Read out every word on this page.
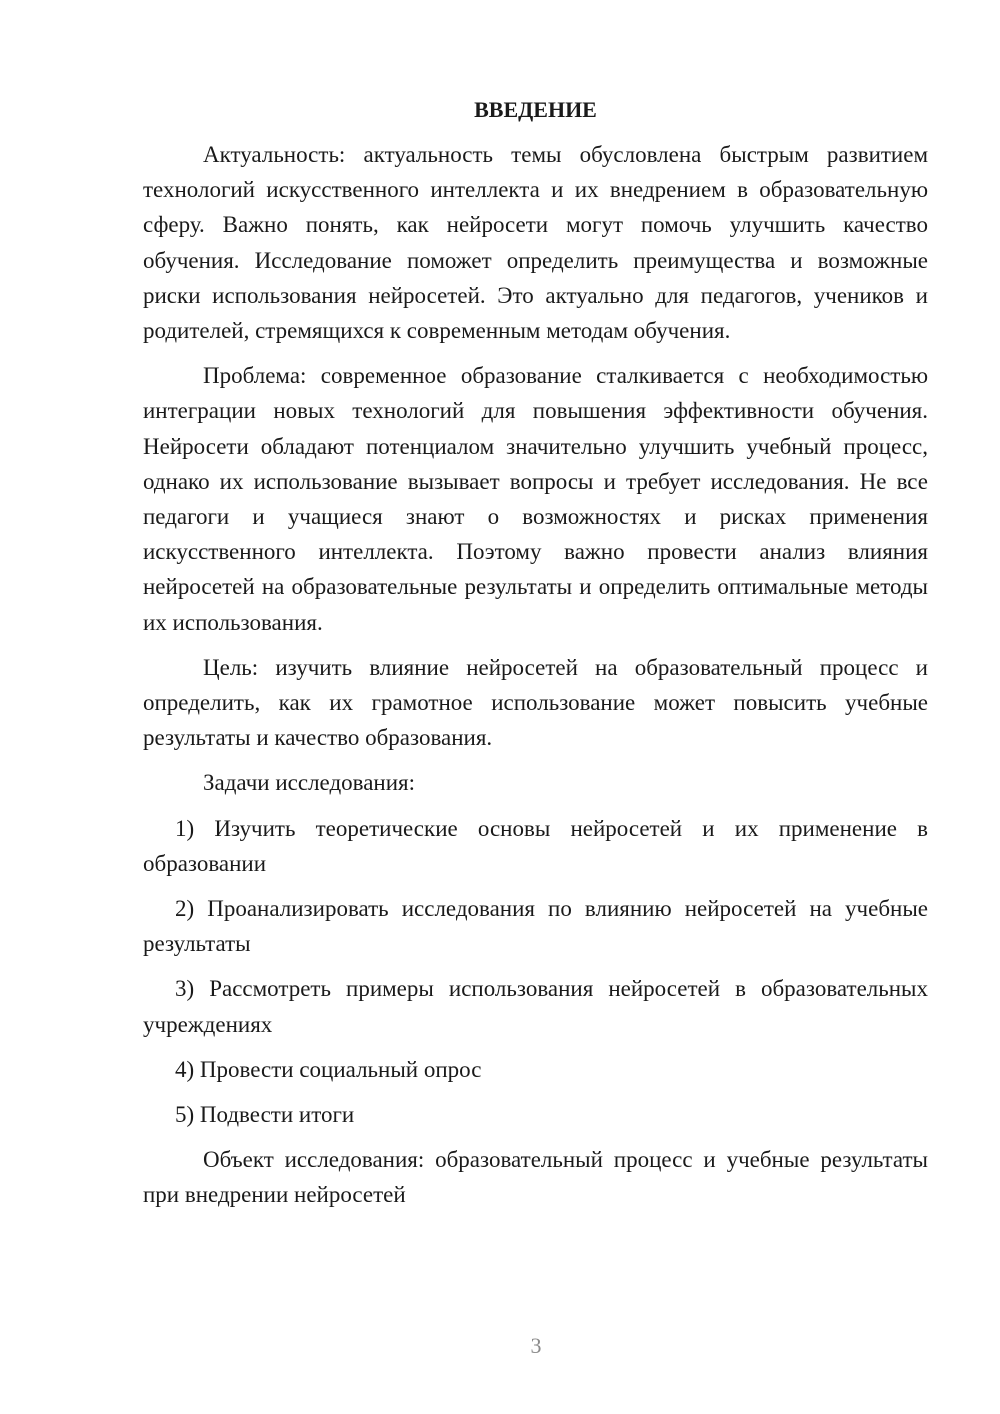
ВВЕДЕНИЕ

Актуальность: актуальность темы обусловлена быстрым развитием технологий искусственного интеллекта и их внедрением в образовательную сферу. Важно понять, как нейросети могут помочь улучшить качество обучения. Исследование поможет определить преимущества и возможные риски использования нейросетей. Это актуально для педагогов, учеников и родителей, стремящихся к современным методам обучения.

Проблема: современное образование сталкивается с необходимостью интеграции новых технологий для повышения эффективности обучения. Нейросети обладают потенциалом значительно улучшить учебный процесс, однако их использование вызывает вопросы и требует исследования. Не все педагоги и учащиеся знают о возможностях и рисках применения искусственного интеллекта. Поэтому важно провести анализ влияния нейросетей на образовательные результаты и определить оптимальные методы их использования.

Цель: изучить влияние нейросетей на образовательный процесс и определить, как их грамотное использование может повысить учебные результаты и качество образования.

Задачи исследования:

1) Изучить теоретические основы нейросетей и их применение в образовании

2) Проанализировать исследования по влиянию нейросетей на учебные результаты

3) Рассмотреть примеры использования нейросетей в образовательных учреждениях

4) Провести социальный опрос

5) Подвести итоги

Объект исследования: образовательный процесс и учебные результаты при внедрении нейросетей

3
